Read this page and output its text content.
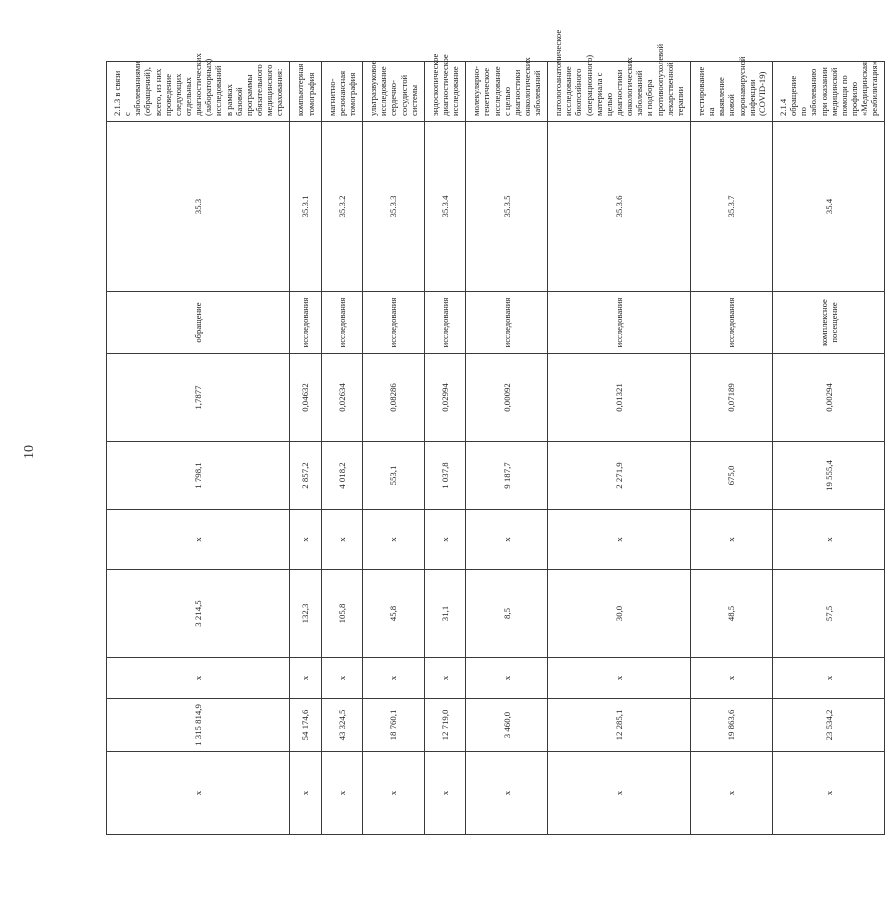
10
x	1 315 814,9	x	3 214,5	x	1 798,1	1,7877	обращение	35.3	2.1.3 в связи с заболеваниями (обращений), всего, из них проведение следующих отдельных диагностических (лабораторных) исследований в рамках базовой программы обязательного медицинского страхования:
x	54 174,6	x	132,3	x	2 857,2	0,04632	исследования	35.3.1	компьютерная томография
x	43 324,5	x	105,8	x	4 018,2	0,02634	исследования	35.3.2	магнитно-резонансная томография
x	18 760,1	x	45,8	x	553,1	0,08286	исследования	35.3.3	ультразвуковое исследование сердечно-сосудистой системы
x	12 719,0	x	31,1	x	1 037,8	0,02994	исследования	35.3.4	эндоскопическое диагностическое исследование
x	3 460,0	x	8,5	x	9 187,7	0,00092	исследования	35.3.5	молекулярно-генетическое исследование с целью диагностики онкологических заболеваний
x	12 285,1	x	30,0	x	2 271,9	0,01321	исследования	35.3.6	патологоанатомическое исследование биопсийного (операционного) материала с целью диагностики онкологических заболеваний и подбора противоопухолевой лекарственной терапии
x	19 863,6	x	48,5	x	675,0	0,07189	исследования	35.3.7	тестирование на выявление новой коронавирусной инфекции (COVID-19)
x	23 534,2	x	57,5	x	19 555,4	0,00294	комплексное посещение	35.4	2.1.4 обращение по заболеванию при оказании медицинской помощи по профилю «Медицинская реабилитация»
